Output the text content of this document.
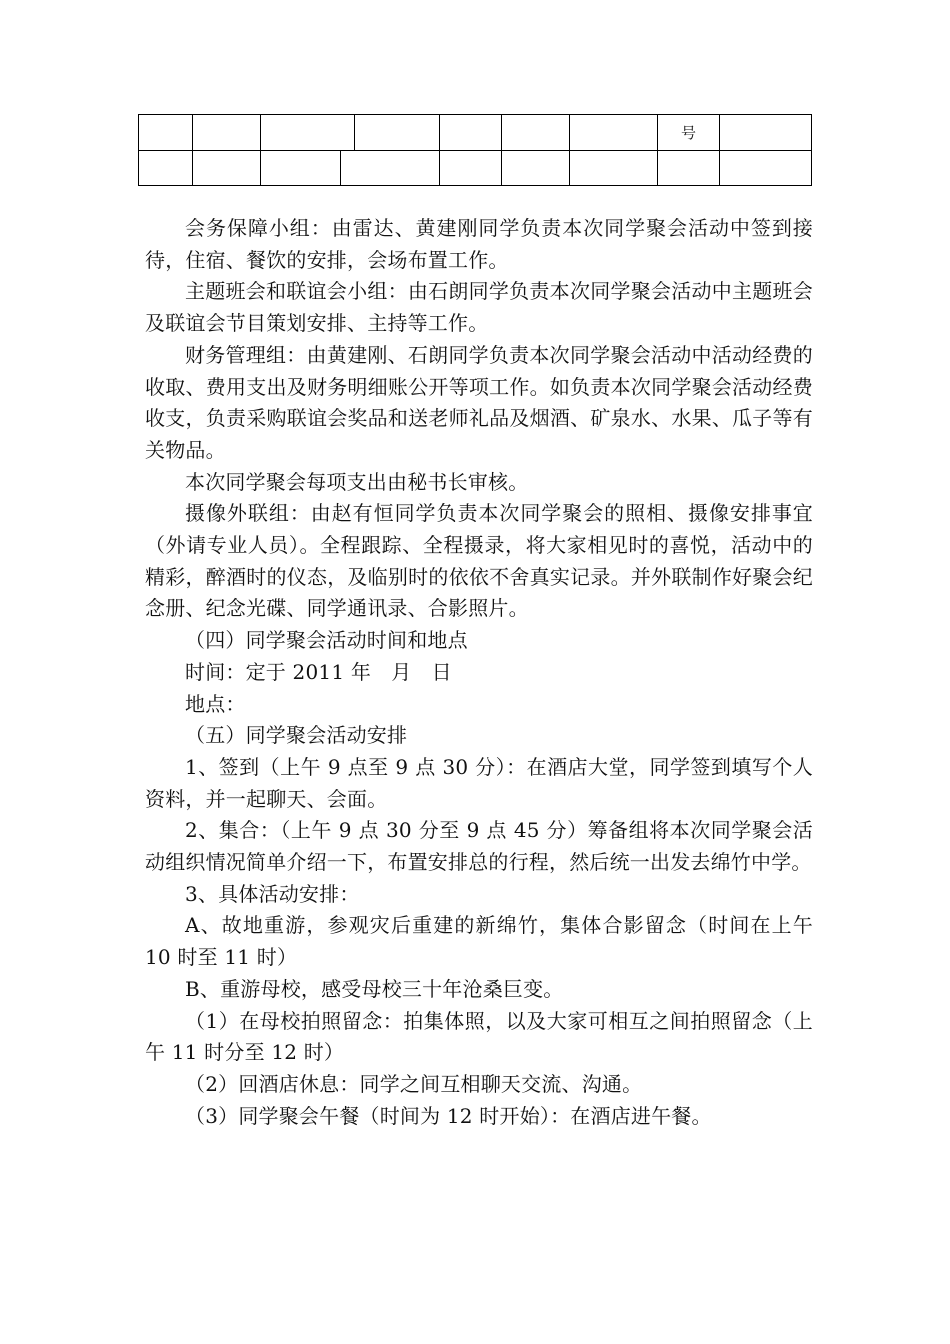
号

会务保障小组：由雷达、黄建刚同学负责本次同学聚会活动中签到接待，住宿、餐饮的安排，会场布置工作。

主题班会和联谊会小组：由石朗同学负责本次同学聚会活动中主题班会及联谊会节目策划安排、主持等工作。

财务管理组：由黄建刚、石朗同学负责本次同学聚会活动中活动经费的收取、费用支出及财务明细账公开等项工作。如负责本次同学聚会活动经费收支，负责采购联谊会奖品和送老师礼品及烟酒、矿泉水、水果、瓜子等有关物品。

本次同学聚会每项支出由秘书长审核。

摄像外联组：由赵有恒同学负责本次同学聚会的照相、摄像安排事宜（外请专业人员）。全程跟踪、全程摄录，将大家相见时的喜悦，活动中的精彩，醉酒时的仪态，及临别时的依依不舍真实记录。并外联制作好聚会纪念册、纪念光碟、同学通讯录、合影照片。

（四）同学聚会活动时间和地点

时间：定于 2011 年　月　日

地点：

（五）同学聚会活动安排

1、签到（上午 9 点至 9 点 30 分）：在酒店大堂，同学签到填写个人资料，并一起聊天、会面。

2、集合：（上午 9 点 30 分至 9 点 45 分）筹备组将本次同学聚会活动组织情况简单介绍一下，布置安排总的行程，然后统一出发去绵竹中学。

3、具体活动安排：

A、故地重游，参观灾后重建的新绵竹，集体合影留念（时间在上午 10 时至 11 时）

B、重游母校，感受母校三十年沧桑巨变。

（1）在母校拍照留念：拍集体照，以及大家可相互之间拍照留念（上午 11 时分至 12 时）

（2）回酒店休息：同学之间互相聊天交流、沟通。

（3）同学聚会午餐（时间为 12 时开始）：在酒店进午餐。
